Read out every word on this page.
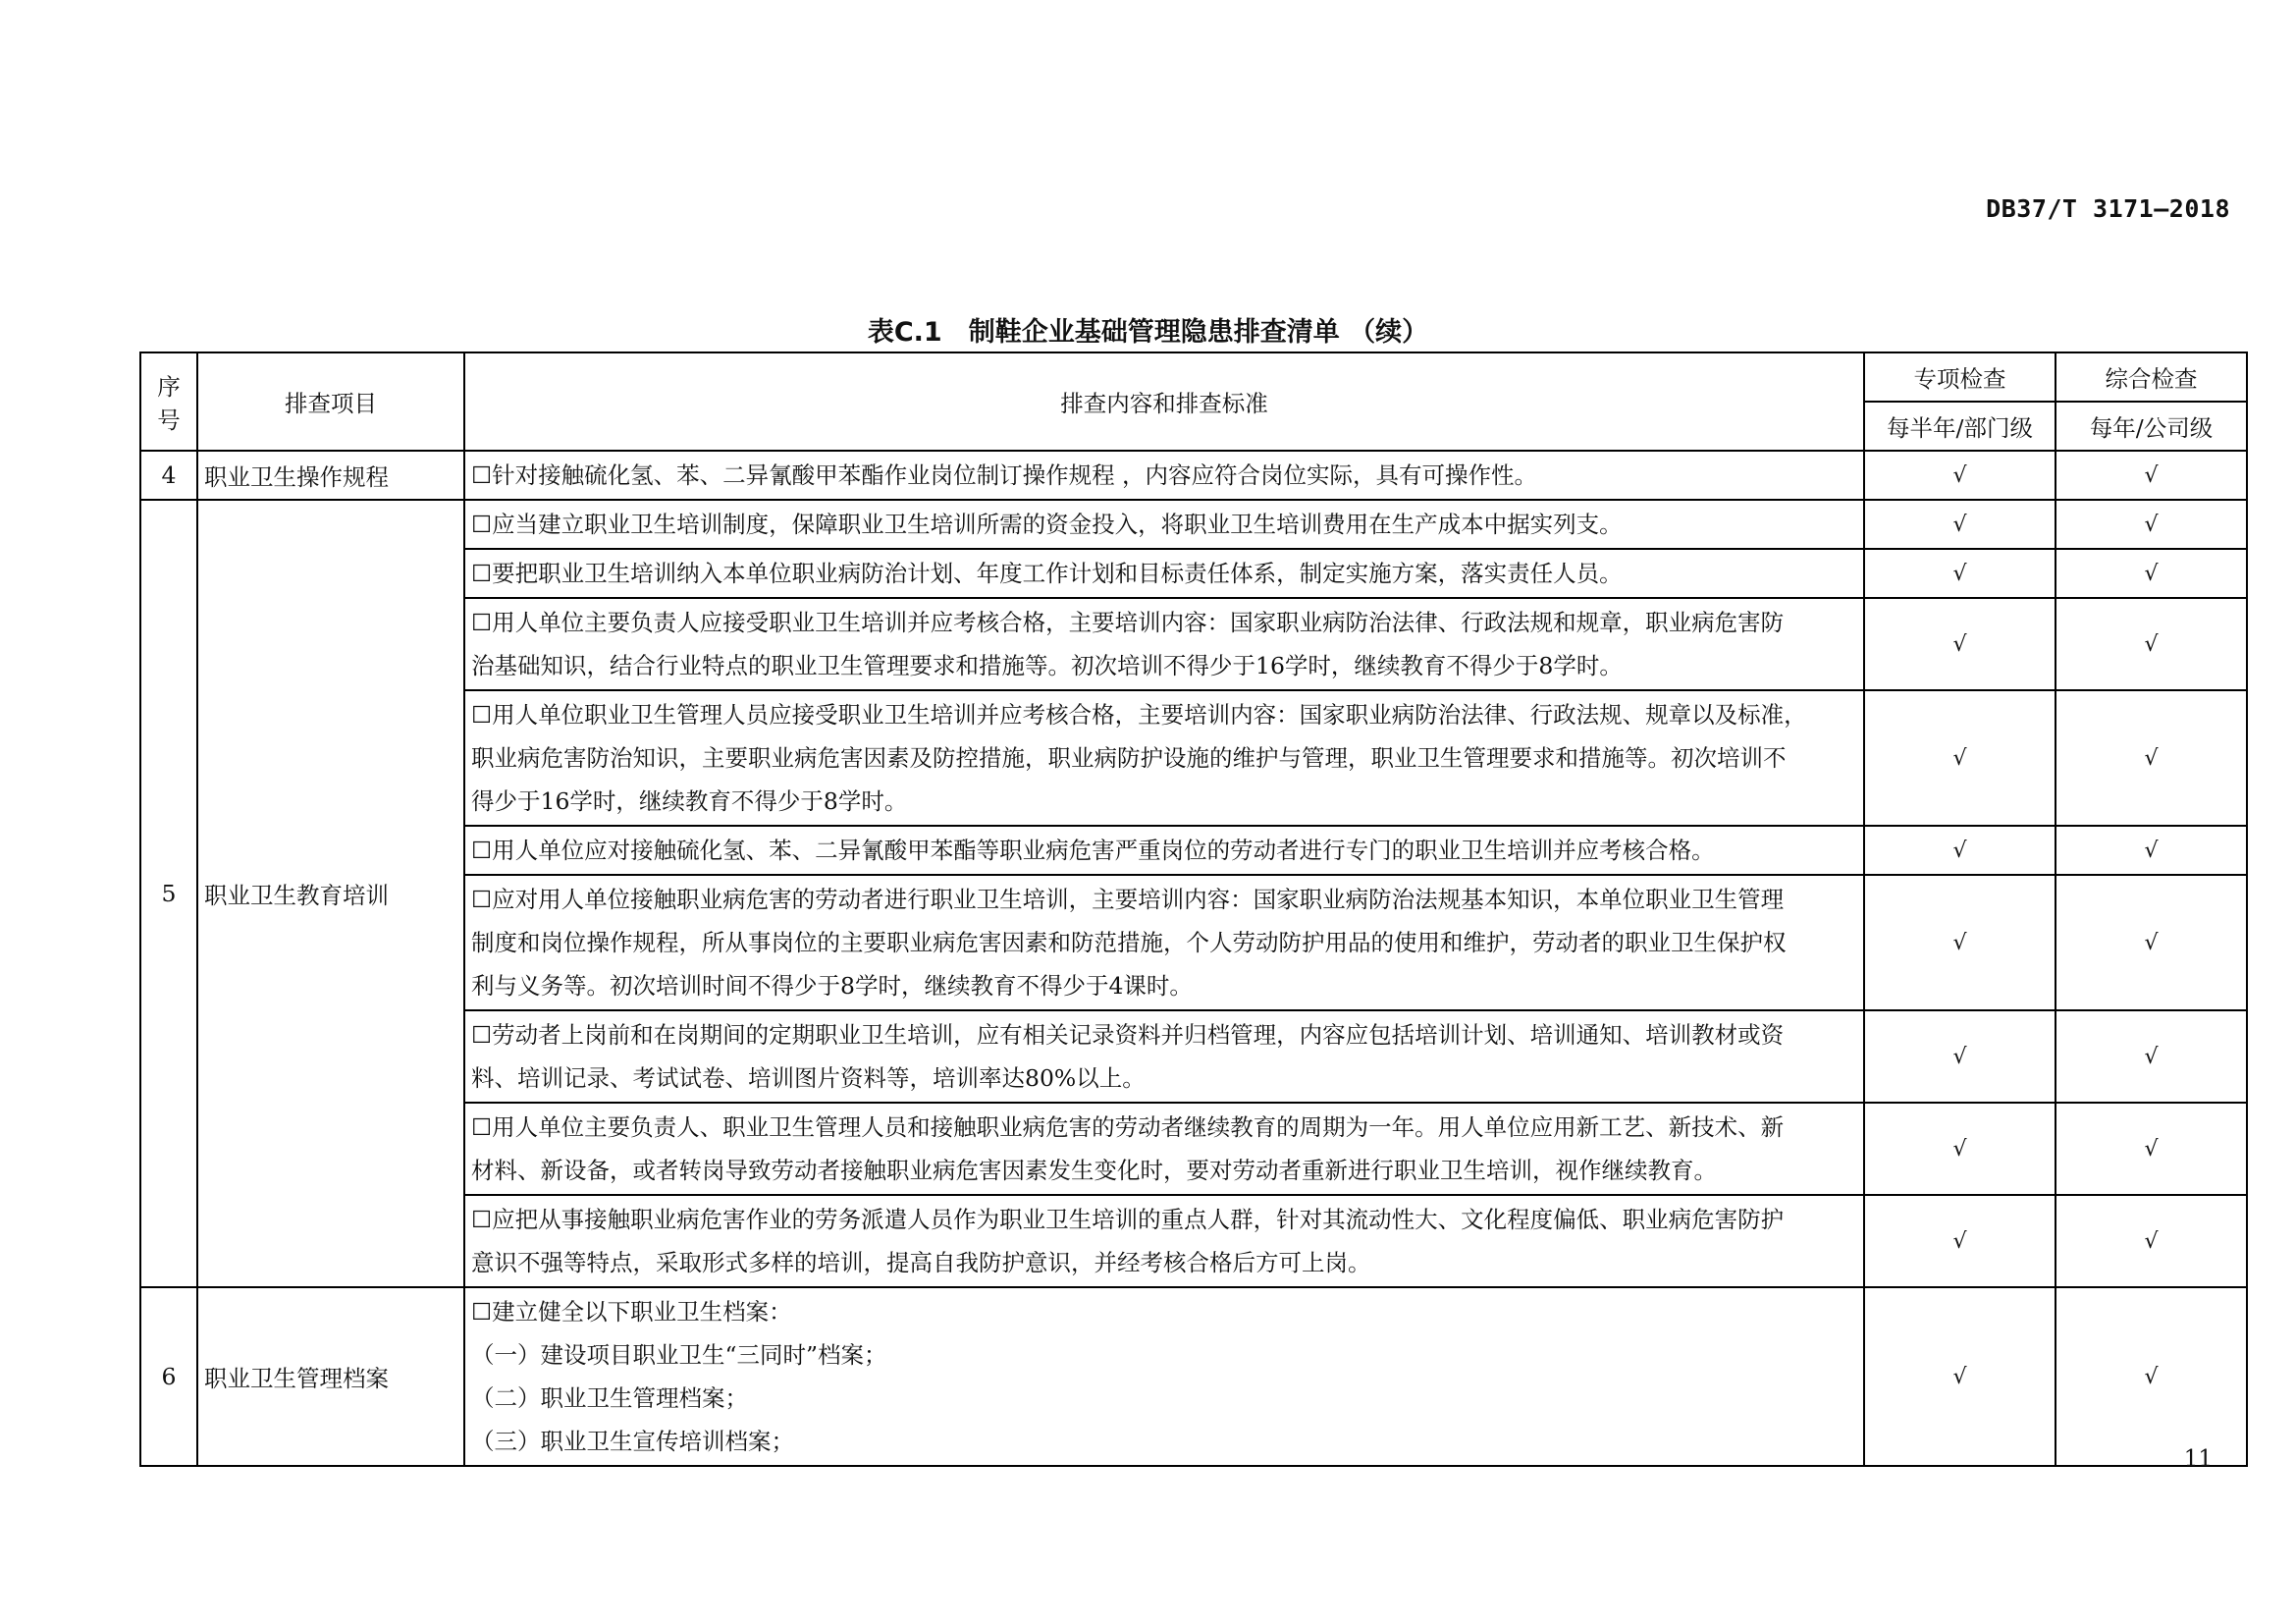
DB37/T 3171—2018
表C.1　制鞋企业基础管理隐患排查清单 （续）
序号	排查项目	排查内容和排查标准	专项检查	综合检查
			每半年/部门级	每年/公司级
4	职业卫生操作规程	☐针对接触硫化氢、苯、二异氰酸甲苯酯作业岗位制订操作规程 ，内容应符合岗位实际，具有可操作性。	√	√
5	职业卫生教育培训	☐应当建立职业卫生培训制度，保障职业卫生培训所需的资金投入，将职业卫生培训费用在生产成本中据实列支。	√	√

		☐要把职业卫生培训纳入本单位职业病防治计划、年度工作计划和目标责任体系，制定实施方案，落实责任人员。	√	√

		☐用人单位主要负责人应接受职业卫生培训并应考核合格，主要培训内容：国家职业病防治法律、行政法规和规章，职业病危害防
治基础知识，结合行业特点的职业卫生管理要求和措施等。初次培训不得少于16学时，继续教育不得少于8学时。	√	√

		☐用人单位职业卫生管理人员应接受职业卫生培训并应考核合格，主要培训内容：国家职业病防治法律、行政法规、规章以及标准，
职业病危害防治知识，主要职业病危害因素及防控措施，职业病防护设施的维护与管理，职业卫生管理要求和措施等。初次培训不
得少于16学时，继续教育不得少于8学时。	√	√

		☐用人单位应对接触硫化氢、苯、二异氰酸甲苯酯等职业病危害严重岗位的劳动者进行专门的职业卫生培训并应考核合格。	√	√

		☐应对用人单位接触职业病危害的劳动者进行职业卫生培训，主要培训内容：国家职业病防治法规基本知识，本单位职业卫生管理
制度和岗位操作规程，所从事岗位的主要职业病危害因素和防范措施，个人劳动防护用品的使用和维护，劳动者的职业卫生保护权
利与义务等。初次培训时间不得少于8学时，继续教育不得少于4课时。	√	√

		☐劳动者上岗前和在岗期间的定期职业卫生培训，应有相关记录资料并归档管理，内容应包括培训计划、培训通知、培训教材或资
料、培训记录、考试试卷、培训图片资料等，培训率达80%以上。	√	√

		☐用人单位主要负责人、职业卫生管理人员和接触职业病危害的劳动者继续教育的周期为一年。用人单位应用新工艺、新技术、新
材料、新设备，或者转岗导致劳动者接触职业病危害因素发生变化时，要对劳动者重新进行职业卫生培训，视作继续教育。	√	√

		☐应把从事接触职业病危害作业的劳务派遣人员作为职业卫生培训的重点人群，针对其流动性大、文化程度偏低、职业病危害防护
意识不强等特点，采取形式多样的培训，提高自我防护意识，并经考核合格后方可上岗。	√	√
6	职业卫生管理档案	☐建立健全以下职业卫生档案：
（一）建设项目职业卫生“三同时”档案；
（二）职业卫生管理档案；
（三）职业卫生宣传培训档案；	√	√
11
